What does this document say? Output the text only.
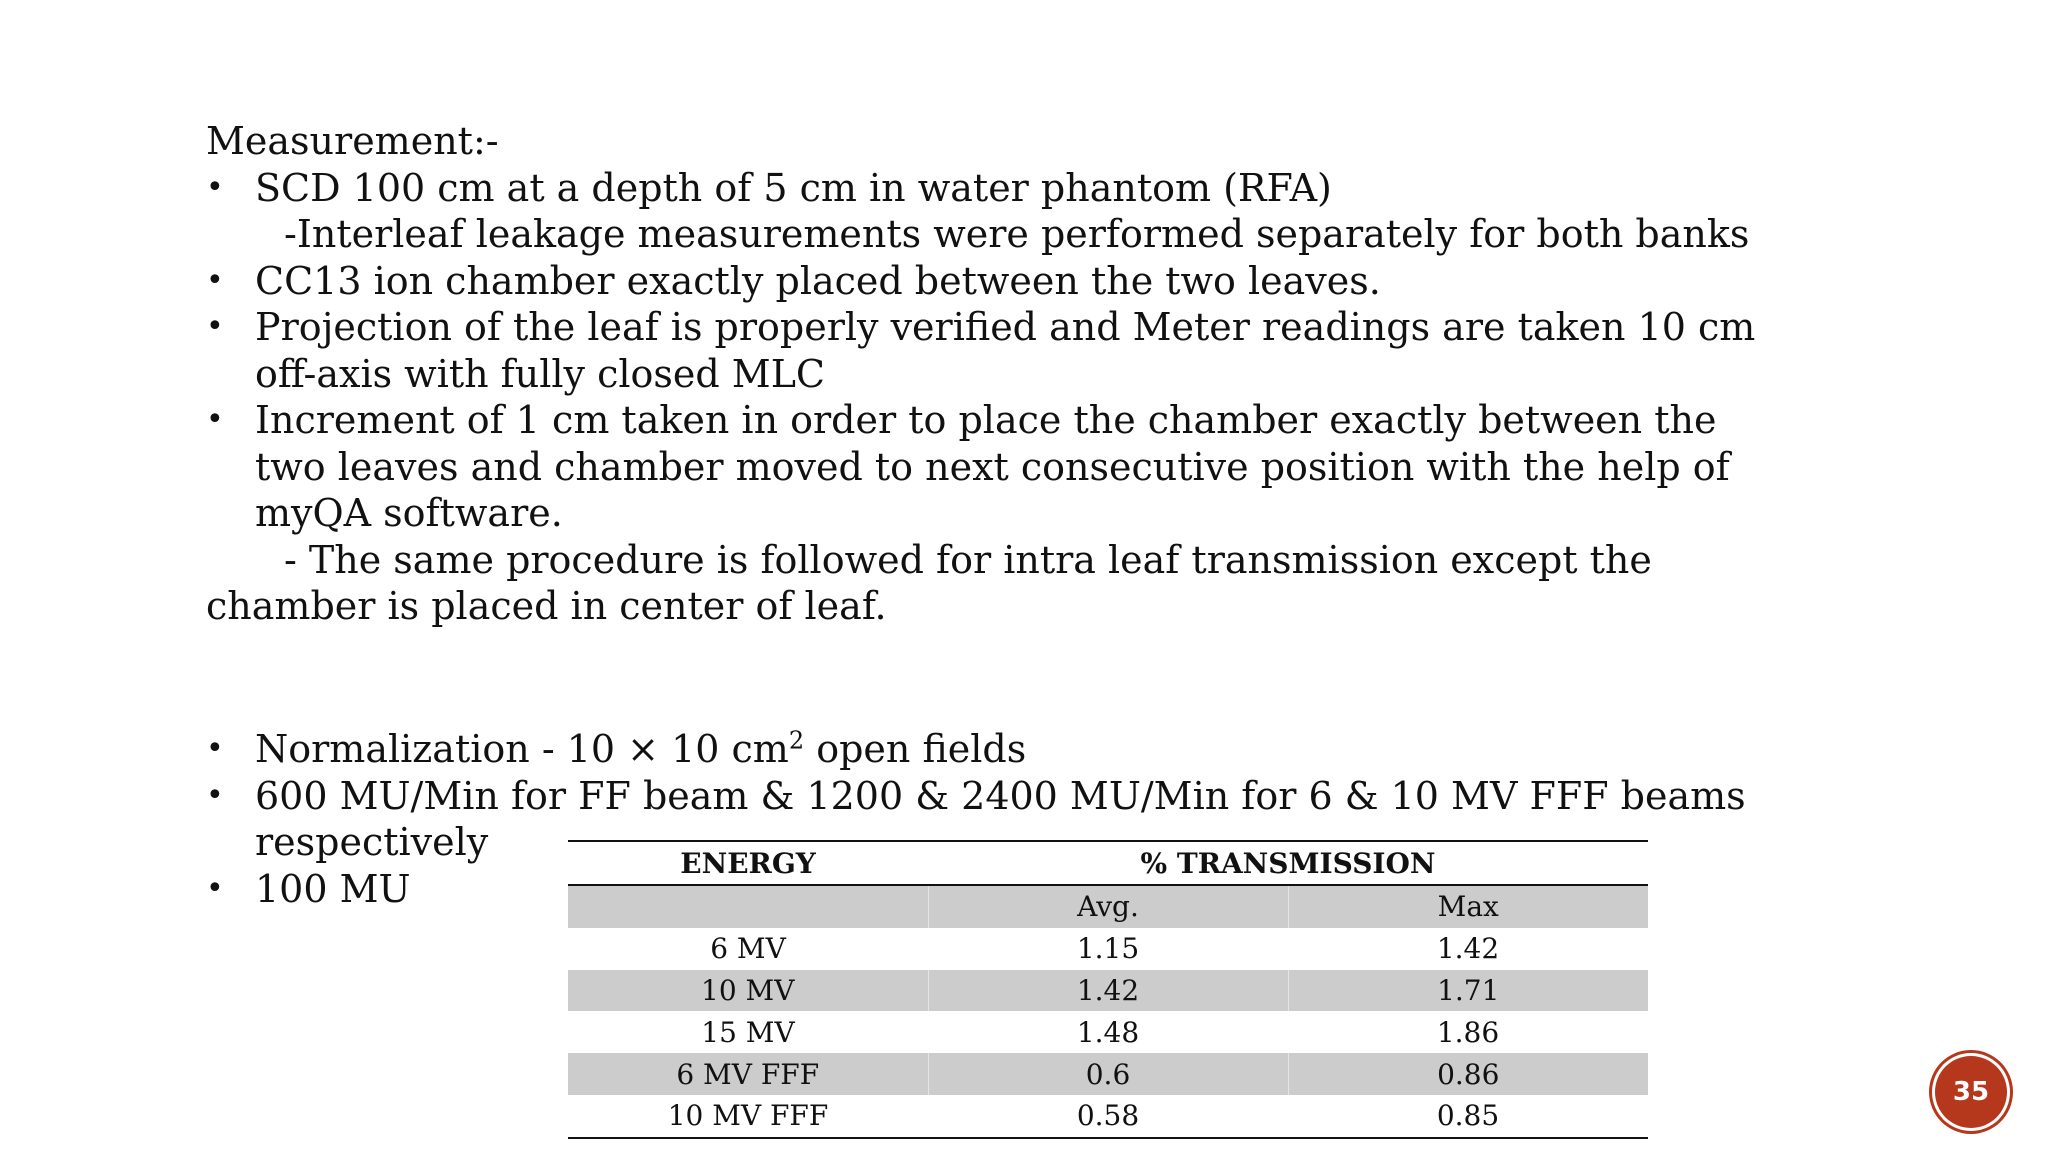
Measurement:-
• SCD 100 cm at a depth of 5 cm in water phantom (RFA)
-Interleaf leakage measurements were performed separately for both banks
• CC13 ion chamber exactly placed between the two leaves.
• Projection of the leaf is properly verified and Meter readings are taken 10 cm
off-axis with fully closed MLC
• Increment of 1 cm taken in order to place the chamber exactly between the
two leaves and chamber moved to next consecutive position with the help of
myQA software.
- The same procedure is followed for intra leaf transmission except the
chamber is placed in center of leaf.
• Normalization - 10 × 10 $cm^2$ open fields
• 600 MU/Min for FF beam & 1200 & 2400 MU/Min for 6 & 10 MV FFF beams
respectively
• 100 MU
ENERGY	% TRANSMISSION	
	Avg.	Max
6 MV	1.15	1.42
10 MV	1.42	1.71
15 MV	1.48	1.86
6 MV FFF	0.6	0.86
10 MV FFF	0.58	0.85
35
